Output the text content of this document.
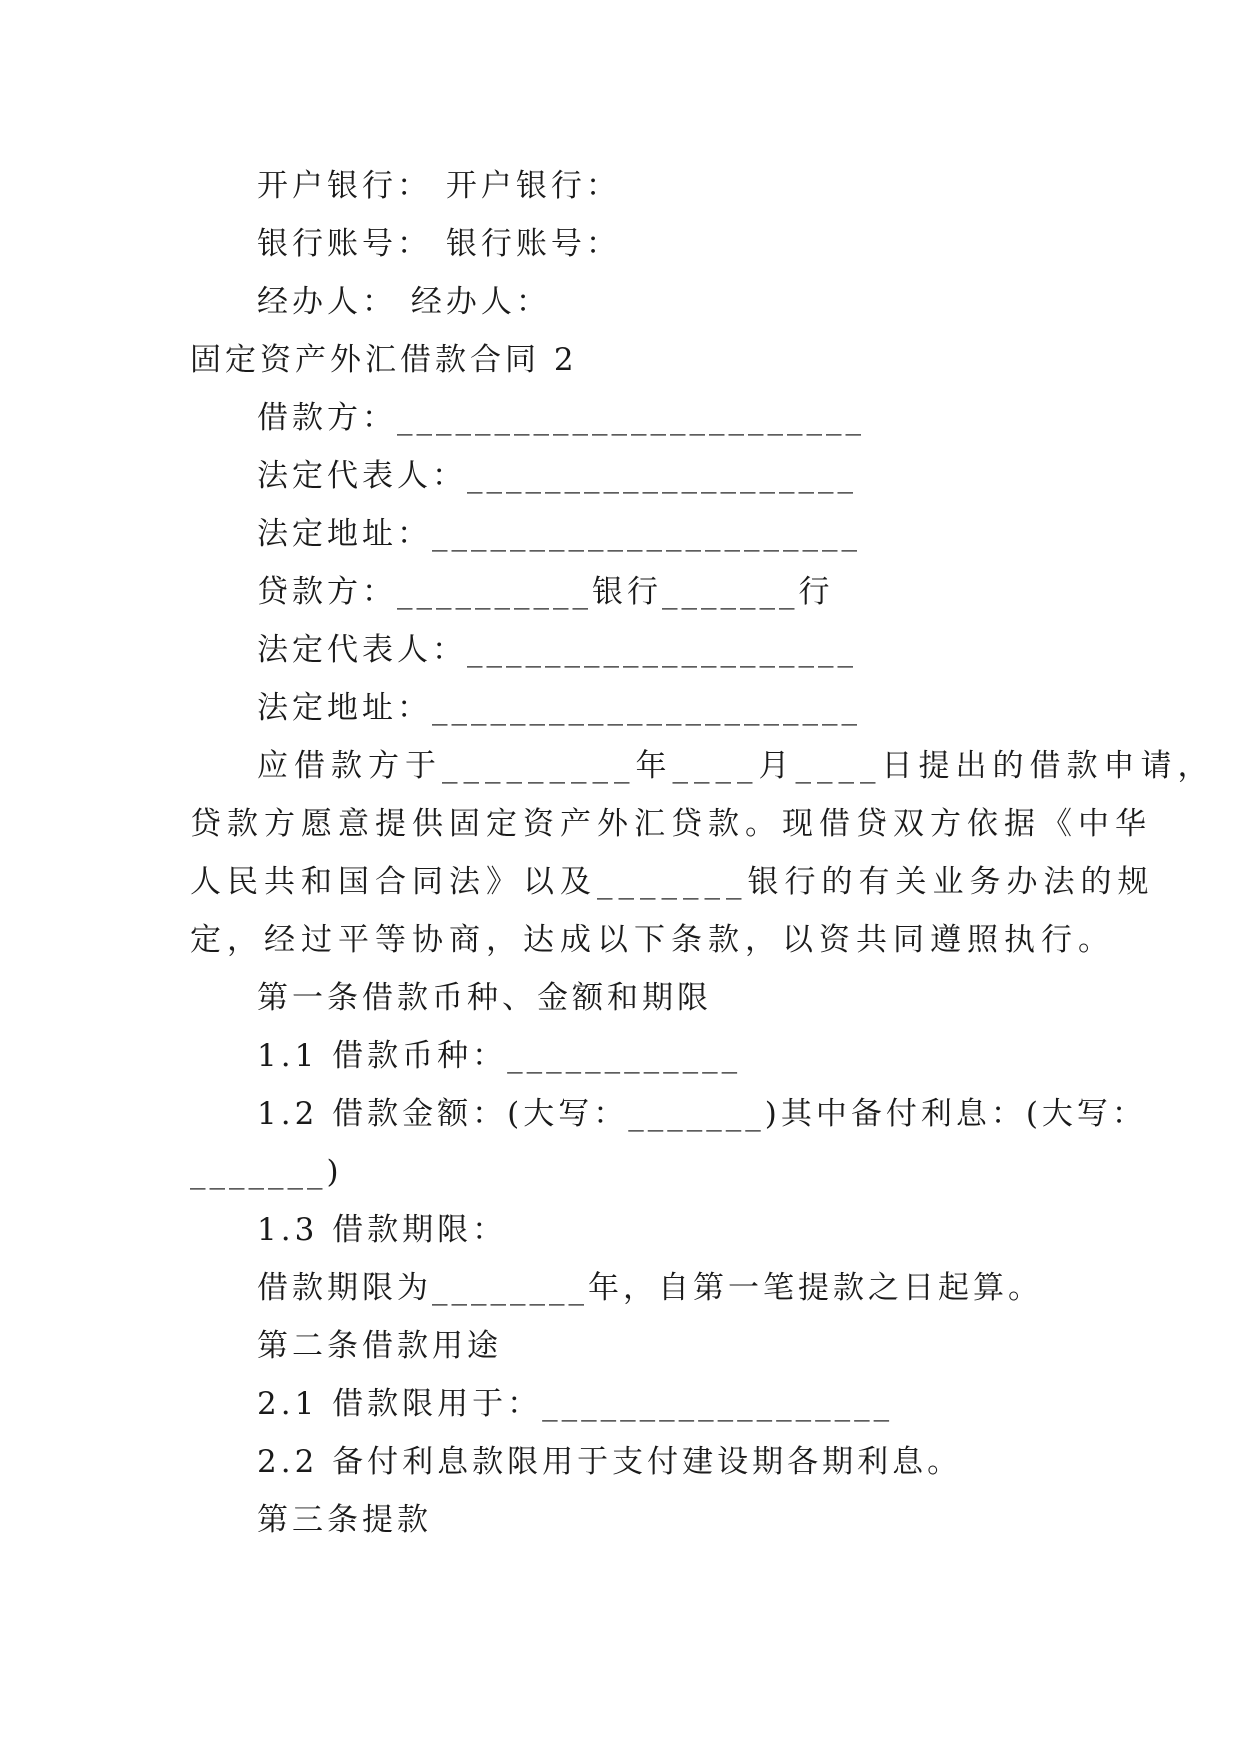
开户银行： 开户银行：
银行账号： 银行账号：
经办人： 经办人：
固定资产外汇借款合同 2
借款方：________________________
法定代表人：____________________
法定地址：______________________
贷款方：__________银行_______行
法定代表人：____________________
法定地址：______________________
应借款方于_________年____月____日提出的借款申请，
贷款方愿意提供固定资产外汇贷款。现借贷双方依据《中华
人民共和国合同法》以及_______银行的有关业务办法的规
定，经过平等协商，达成以下条款，以资共同遵照执行。
第一条借款币种、金额和期限
1.1 借款币种：____________
1.2 借款金额：(大写：_______)其中备付利息：(大写：
_______)
1.3 借款期限：
借款期限为________年，自第一笔提款之日起算。
第二条借款用途
2.1 借款限用于：__________________
2.2 备付利息款限用于支付建设期各期利息。
第三条提款
